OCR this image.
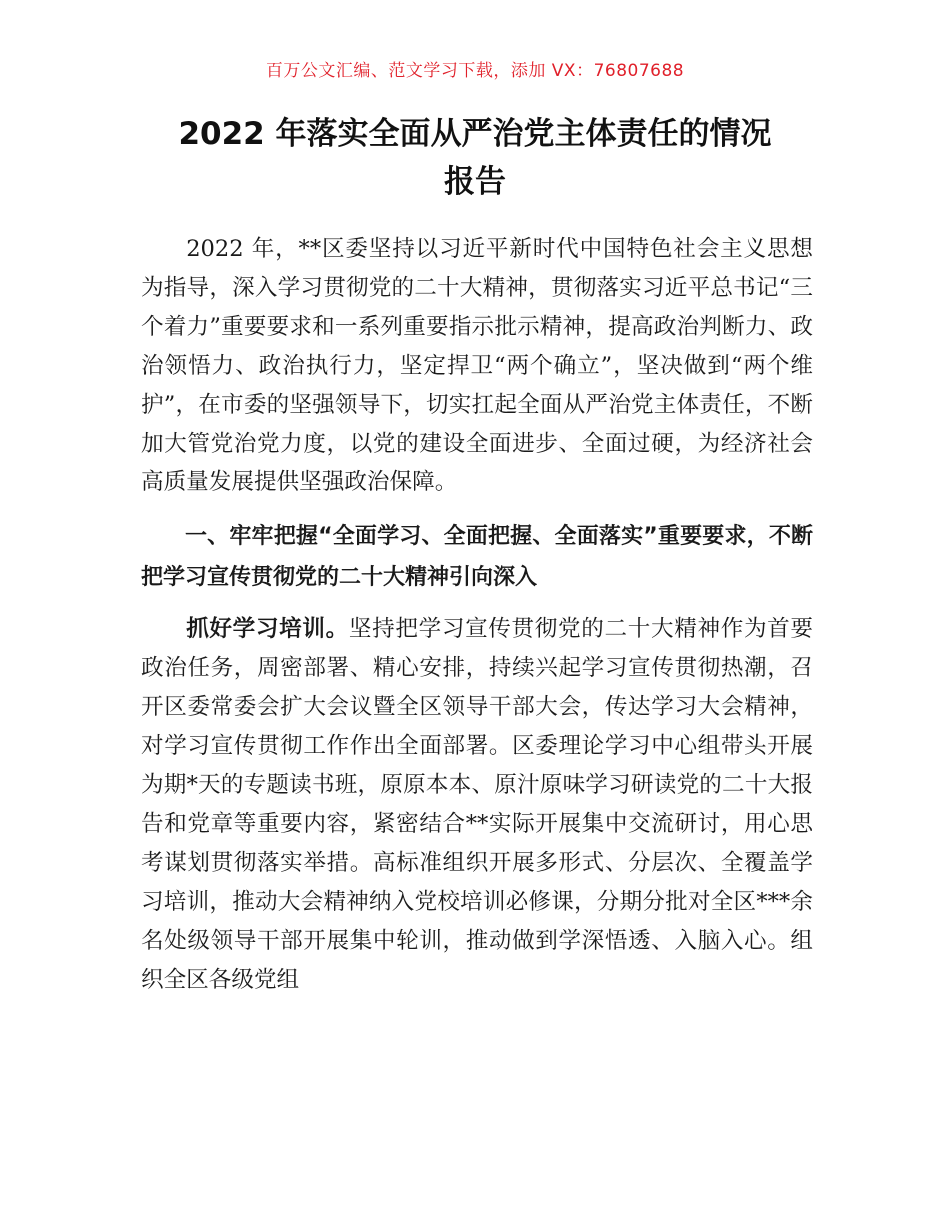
百万公文汇编、范文学习下载，添加 VX：76807688
2022 年落实全面从严治党主体责任的情况
报告

2022 年，**区委坚持以习近平新时代中国特色社会主义思想为指导，深入学习贯彻党的二十大精神，贯彻落实习近平总书记“三个着力”重要要求和一系列重要指示批示精神，提高政治判断力、政治领悟力、政治执行力，坚定捍卫“两个确立”，坚决做到“两个维护”，在市委的坚强领导下，切实扛起全面从严治党主体责任，不断加大管党治党力度，以党的建设全面进步、全面过硬，为经济社会高质量发展提供坚强政治保障。

一、牢牢把握“全面学习、全面把握、全面落实”重要要求，不断把学习宣传贯彻党的二十大精神引向深入

抓好学习培训。坚持把学习宣传贯彻党的二十大精神作为首要政治任务，周密部署、精心安排，持续兴起学习宣传贯彻热潮，召开区委常委会扩大会议暨全区领导干部大会，传达学习大会精神，对学习宣传贯彻工作作出全面部署。区委理论学习中心组带头开展为期*天的专题读书班，原原本本、原汁原味学习研读党的二十大报告和党章等重要内容，紧密结合**实际开展集中交流研讨，用心思考谋划贯彻落实举措。高标准组织开展多形式、分层次、全覆盖学习培训，推动大会精神纳入党校培训必修课，分期分批对全区***余名处级领导干部开展集中轮训，推动做到学深悟透、入脑入心。组织全区各级党组
